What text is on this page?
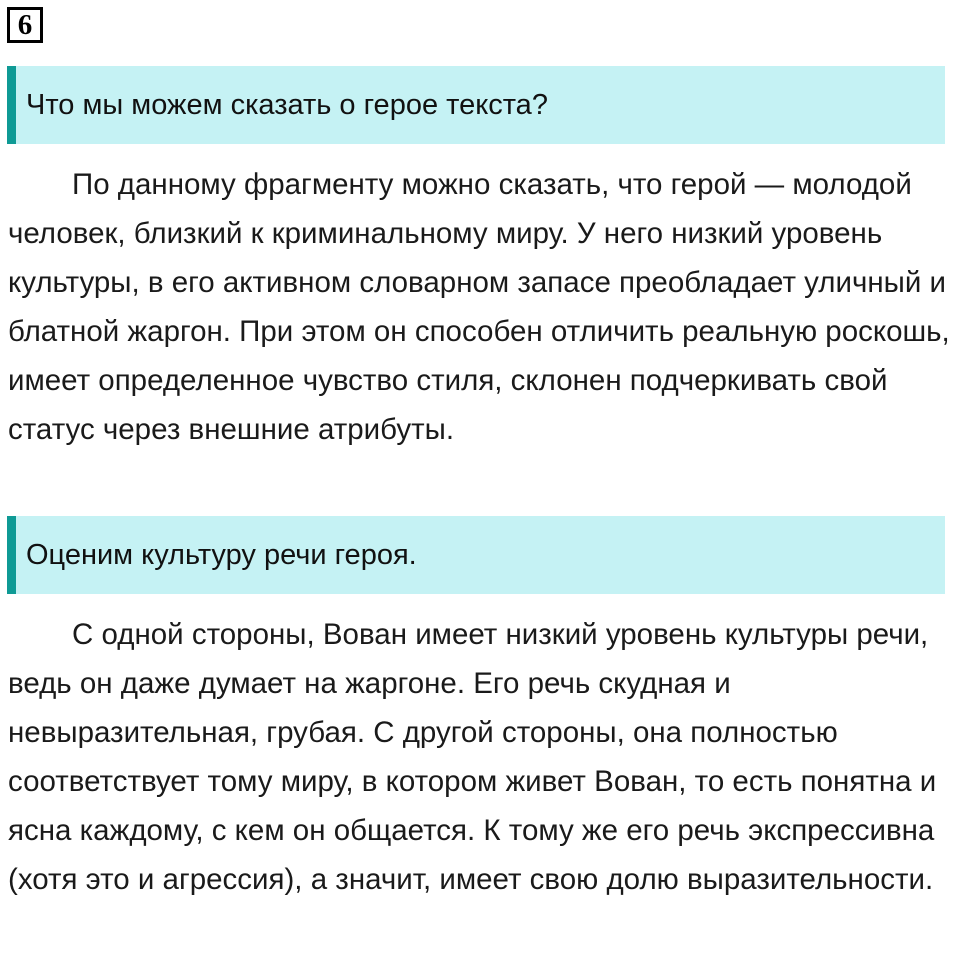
6
Что мы можем сказать о герое текста?

По данному фрагменту можно сказать, что герой — молодой человек, близкий к криминальному миру. У него низкий уровень культуры, в его активном словарном запасе преобладает уличный и блатной жаргон. При этом он способен отличить реальную роскошь, имеет определенное чувство стиля, склонен подчеркивать свой статус через внешние атрибуты.

Оценим культуру речи героя.

С одной стороны, Вован имеет низкий уровень культуры речи, ведь он даже думает на жаргоне. Его речь скудная и невыразительная, грубая. С другой стороны, она полностью соответствует тому миру, в котором живет Вован, то есть понятна и ясна каждому, с кем он общается. К тому же его речь экспрессивна (хотя это и агрессия), а значит, имеет свою долю выразительности.
